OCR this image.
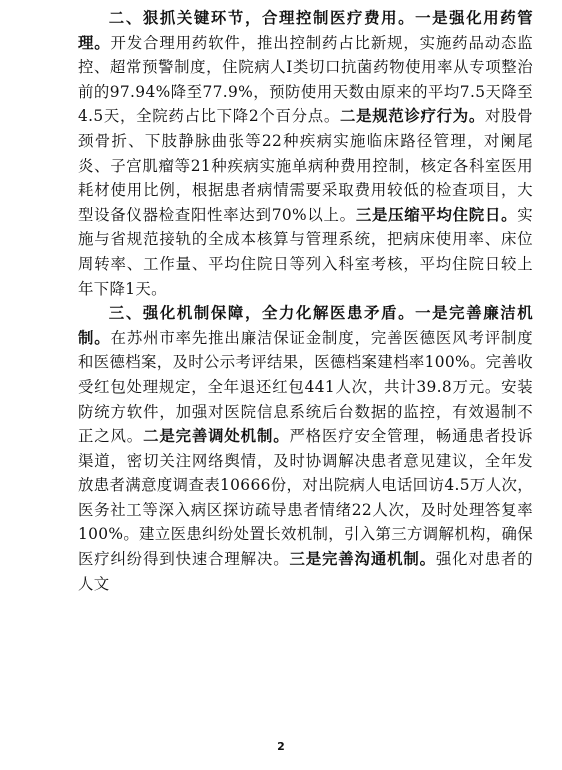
二、狠抓关键环节，合理控制医疗费用。一是强化用药管理。开发合理用药软件，推出控制药占比新规，实施药品动态监控、超常预警制度，住院病人Ⅰ类切口抗菌药物使用率从专项整治前的97.94%降至77.9%，预防使用天数由原来的平均7.5天降至4.5天，全院药占比下降2个百分点。二是规范诊疗行为。对股骨颈骨折、下肢静脉曲张等22种疾病实施临床路径管理，对阑尾炎、子宫肌瘤等21种疾病实施单病种费用控制，核定各科室医用耗材使用比例，根据患者病情需要采取费用较低的检查项目，大型设备仪器检查阳性率达到70%以上。三是压缩平均住院日。实施与省规范接轨的全成本核算与管理系统，把病床使用率、床位周转率、工作量、平均住院日等列入科室考核，平均住院日较上年下降1天。

三、强化机制保障，全力化解医患矛盾。一是完善廉洁机制。在苏州市率先推出廉洁保证金制度，完善医德医风考评制度和医德档案，及时公示考评结果，医德档案建档率100%。完善收受红包处理规定，全年退还红包441人次，共计39.8万元。安装防统方软件，加强对医院信息系统后台数据的监控，有效遏制不正之风。二是完善调处机制。严格医疗安全管理，畅通患者投诉渠道，密切关注网络舆情，及时协调解决患者意见建议，全年发放患者满意度调查表10666份，对出院病人电话回访4.5万人次，医务社工等深入病区探访疏导患者情绪22人次，及时处理答复率100%。建立医患纠纷处置长效机制，引入第三方调解机构，确保医疗纠纷得到快速合理解决。三是完善沟通机制。强化对患者的人文

2
